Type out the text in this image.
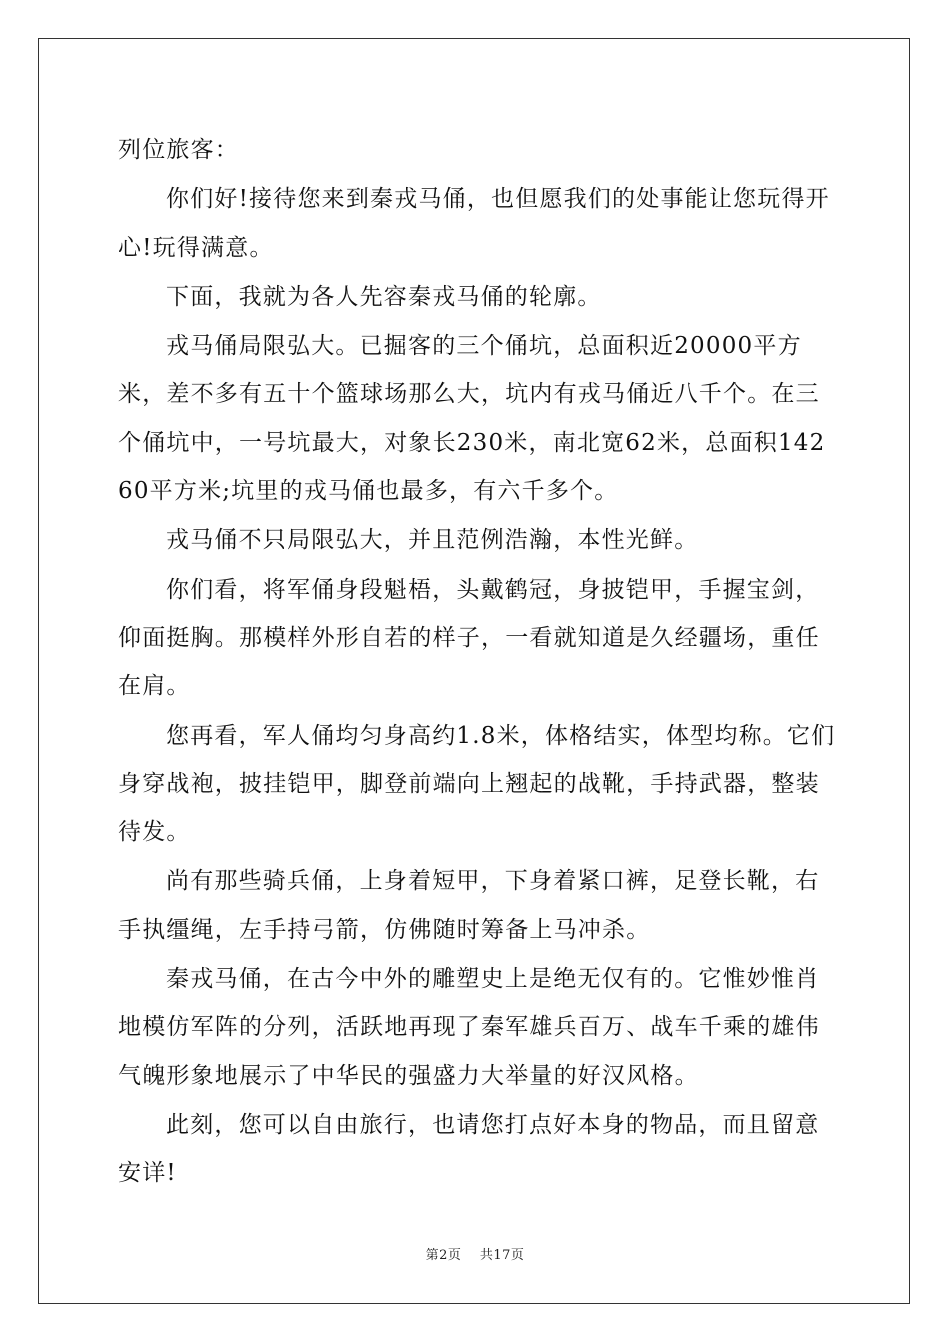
列位旅客：

你们好!接待您来到秦戎马俑，也但愿我们的处事能让您玩得开心!玩得满意。

下面，我就为各人先容秦戎马俑的轮廓。

戎马俑局限弘大。已掘客的三个俑坑，总面积近20000平方米，差不多有五十个篮球场那么大，坑内有戎马俑近八千个。在三个俑坑中，一号坑最大，对象长230米，南北宽62米，总面积14260平方米;坑里的戎马俑也最多，有六千多个。

戎马俑不只局限弘大，并且范例浩瀚，本性光鲜。

你们看，将军俑身段魁梧，头戴鹤冠，身披铠甲，手握宝剑，仰面挺胸。那模样外形自若的样子，一看就知道是久经疆场，重任在肩。

您再看，军人俑均匀身高约1.8米，体格结实，体型均称。它们身穿战袍，披挂铠甲，脚登前端向上翘起的战靴，手持武器，整装待发。

尚有那些骑兵俑，上身着短甲，下身着紧口裤，足登长靴，右手执缰绳，左手持弓箭，仿佛随时筹备上马冲杀。

秦戎马俑，在古今中外的雕塑史上是绝无仅有的。它惟妙惟肖地模仿军阵的分列，活跃地再现了秦军雄兵百万、战车千乘的雄伟气魄形象地展示了中华民的强盛力大举量的好汉风格。

此刻，您可以自由旅行，也请您打点好本身的物品，而且留意安详!

第2页 共17页
